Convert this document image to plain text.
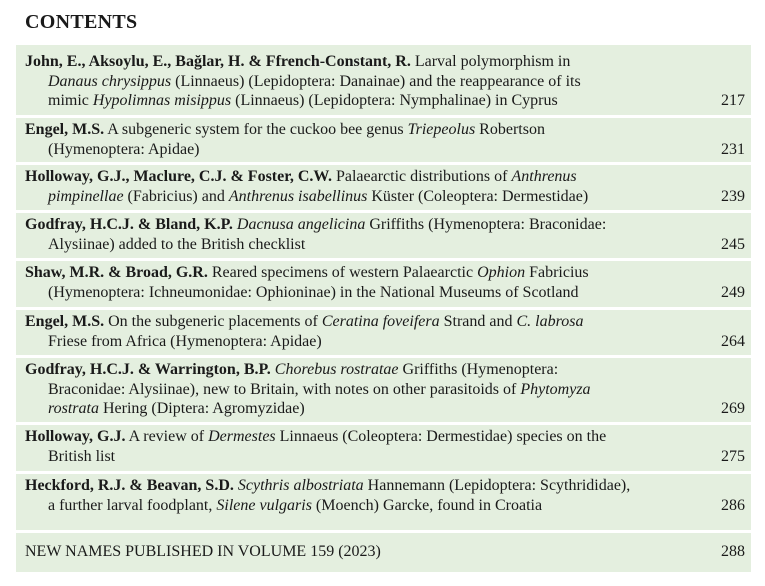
CONTENTS
John, E., Aksoylu, E., Bağlar, H. & Ffrench-Constant, R. Larval polymorphism in
Danaus chrysippus (Linnaeus) (Lepidoptera: Danainae) and the reappearance of its
mimic Hypolimnas misippus (Linnaeus) (Lepidoptera: Nymphalinae) in Cyprus	217
Engel, M.S. A subgeneric system for the cuckoo bee genus Triepeolus Robertson
(Hymenoptera: Apidae)	231
Holloway, G.J., Maclure, C.J. & Foster, C.W. Palaearctic distributions of Anthrenus
pimpinellae (Fabricius) and Anthrenus isabellinus Küster (Coleoptera: Dermestidae)	239
Godfray, H.C.J. & Bland, K.P. Dacnusa angelicina Griffiths (Hymenoptera: Braconidae:
Alysiinae) added to the British checklist	245
Shaw, M.R. & Broad, G.R. Reared specimens of western Palaearctic Ophion Fabricius
(Hymenoptera: Ichneumonidae: Ophioninae) in the National Museums of Scotland	249
Engel, M.S. On the subgeneric placements of Ceratina foveifera Strand and C. labrosa
Friese from Africa (Hymenoptera: Apidae)	264
Godfray, H.C.J. & Warrington, B.P. Chorebus rostratae Griffiths (Hymenoptera:
Braconidae: Alysiinae), new to Britain, with notes on other parasitoids of Phytomyza
rostrata Hering (Diptera: Agromyzidae)	269
Holloway, G.J. A review of Dermestes Linnaeus (Coleoptera: Dermestidae) species on the
British list	275
Heckford, R.J. & Beavan, S.D. Scythris albostriata Hannemann (Lepidoptera: Scythrididae),
a further larval foodplant, Silene vulgaris (Moench) Garcke, found in Croatia	286
NEW NAMES PUBLISHED IN VOLUME 159 (2023)	288
